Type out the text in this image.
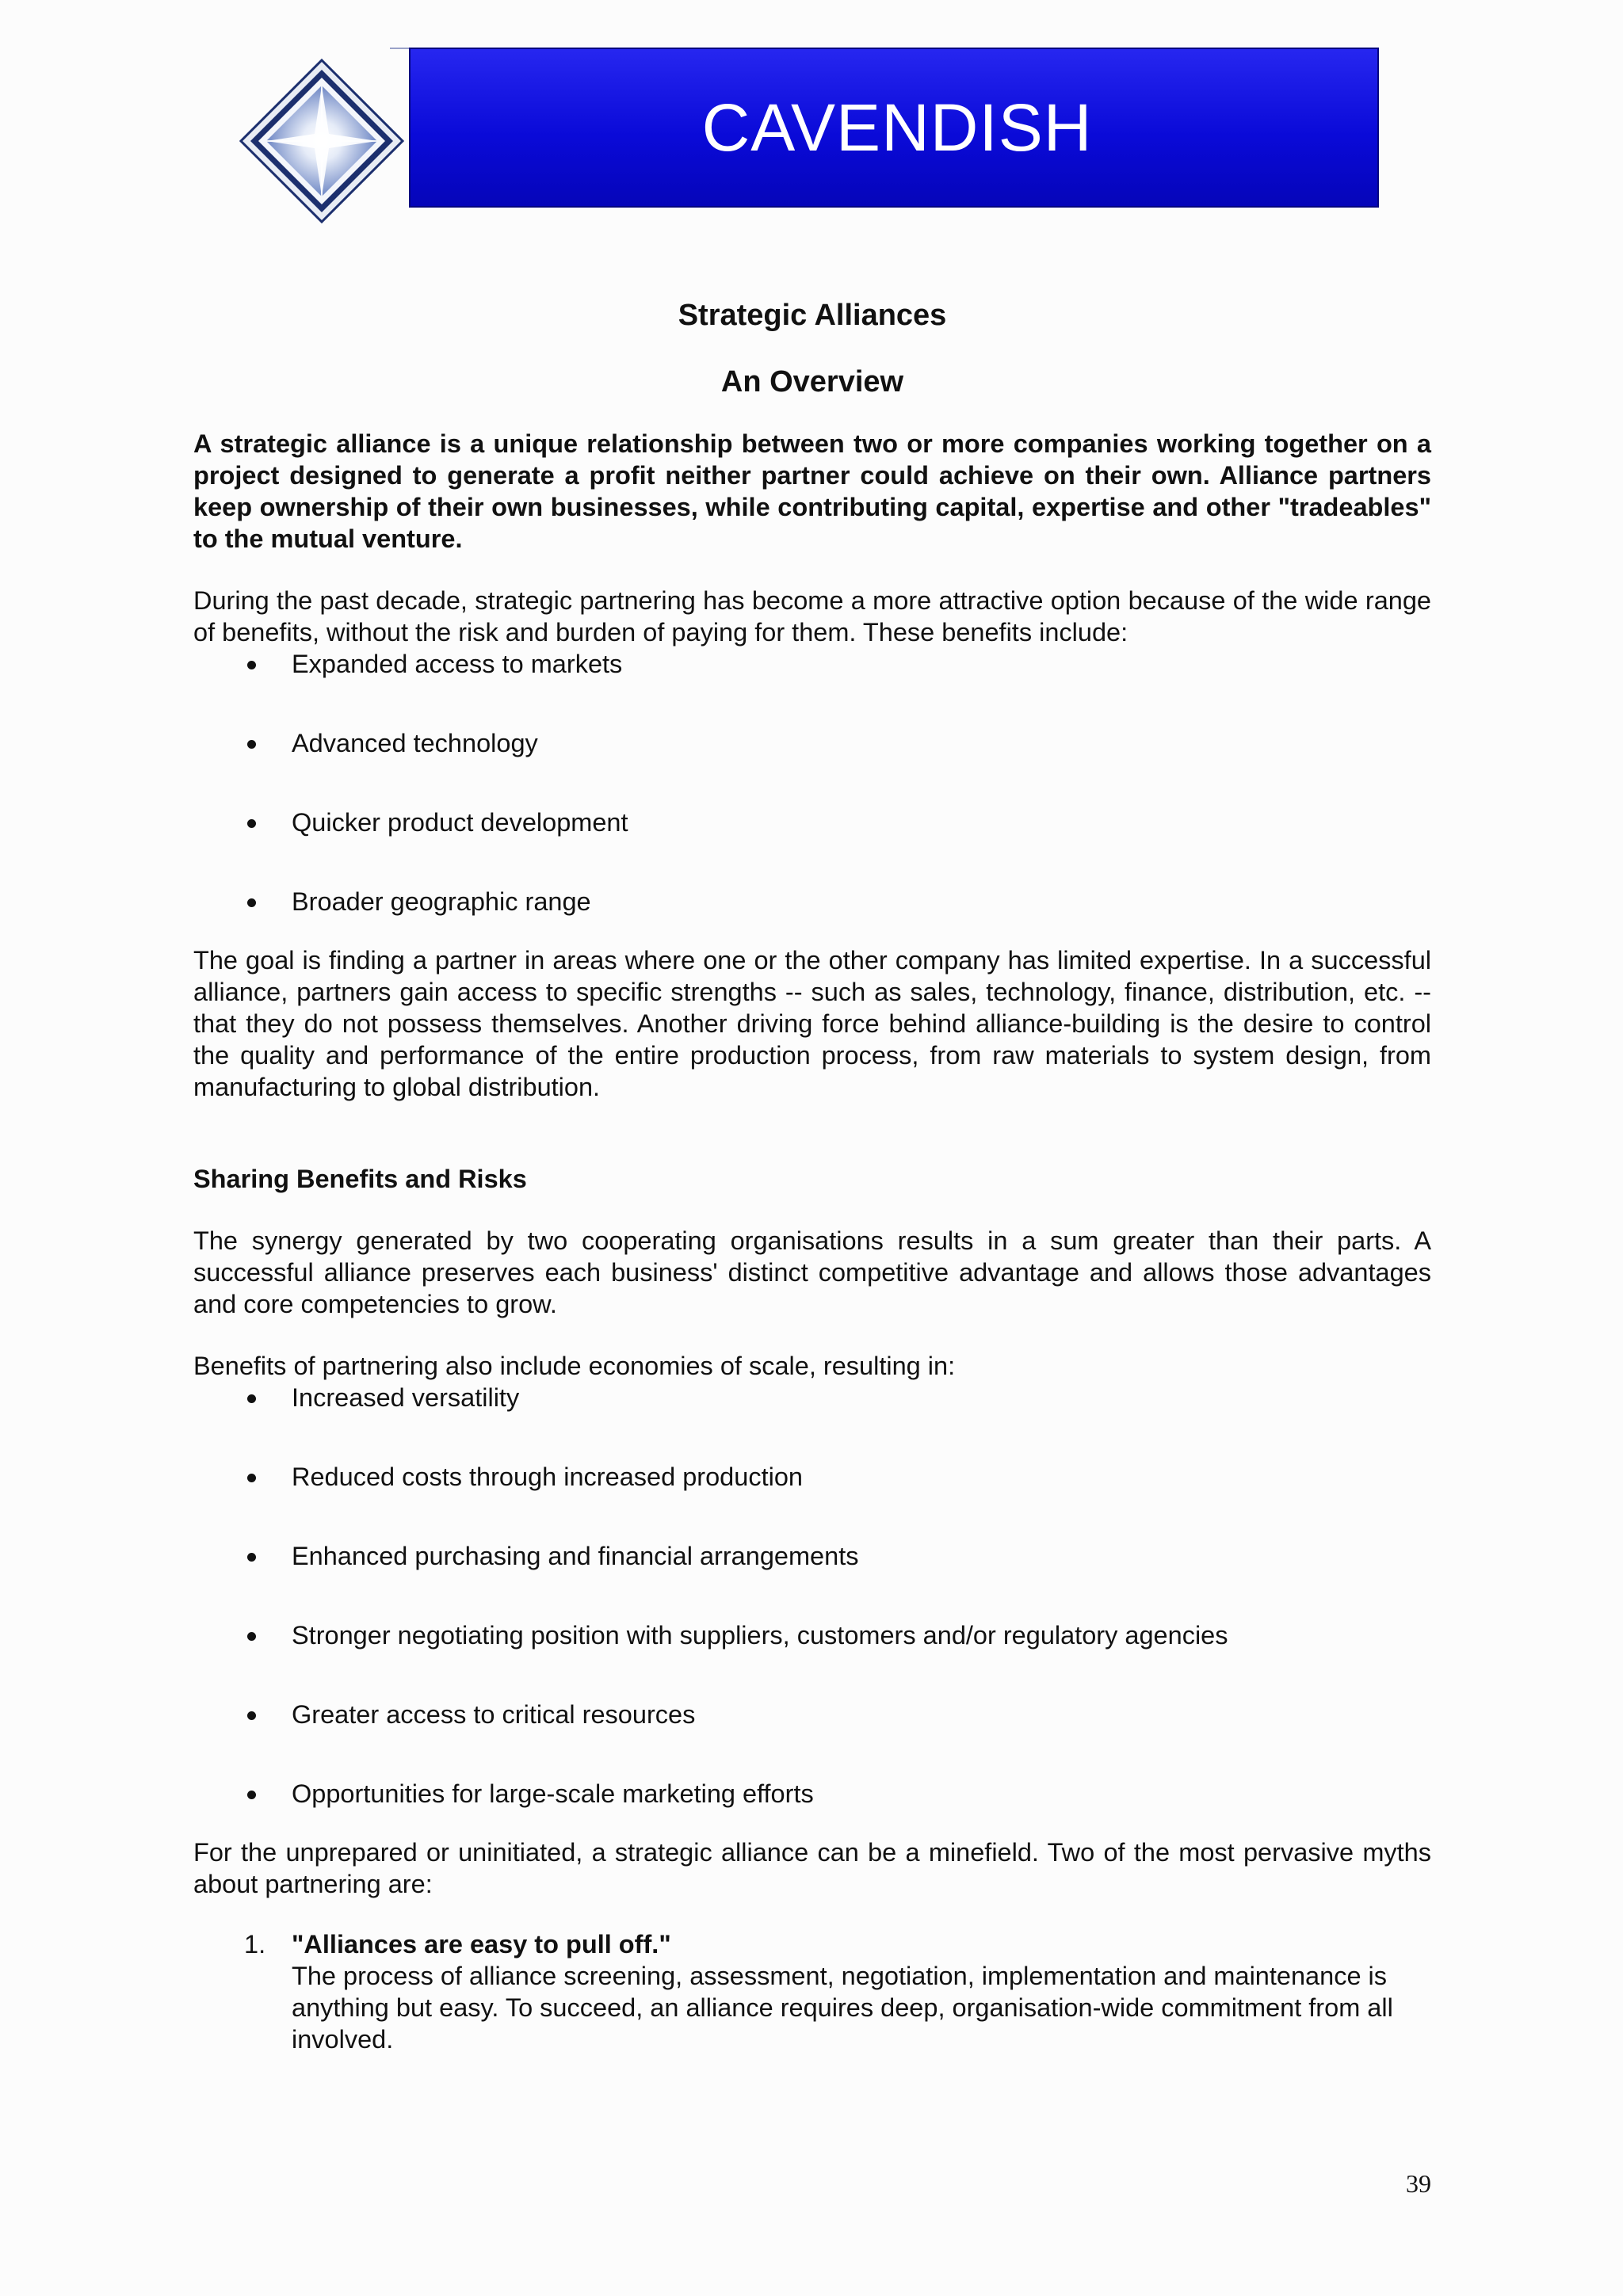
CAVENDISH
Strategic Alliances
An Overview

A strategic alliance is a unique relationship between two or more companies working together on a project designed to generate a profit neither partner could achieve on their own. Alliance partners keep ownership of their own businesses, while contributing capital, expertise and other "tradeables" to the mutual venture.

During the past decade, strategic partnering has become a more attractive option because of the wide range of benefits, without the risk and burden of paying for them. These benefits include:

Expanded access to markets
Advanced technology
Quicker product development
Broader geographic range

The goal is finding a partner in areas where one or the other company has limited expertise. In a successful alliance, partners gain access to specific strengths -- such as sales, technology, finance, distribution, etc. -- that they do not possess themselves. Another driving force behind alliance-building is the desire to control the quality and performance of the entire production process, from raw materials to system design, from manufacturing to global distribution.

Sharing Benefits and Risks

The synergy generated by two cooperating organisations results in a sum greater than their parts. A successful alliance preserves each business' distinct competitive advantage and allows those advantages and core competencies to grow.

Benefits of partnering also include economies of scale, resulting in:

Increased versatility
Reduced costs through increased production
Enhanced purchasing and financial arrangements
Stronger negotiating position with suppliers, customers and/or regulatory agencies
Greater access to critical resources
Opportunities for large-scale marketing efforts

For the unprepared or uninitiated, a strategic alliance can be a minefield. Two of the most pervasive myths about partnering are:

1. "Alliances are easy to pull off."
The process of alliance screening, assessment, negotiation, implementation and maintenance is anything but easy. To succeed, an alliance requires deep, organisation-wide commitment from all involved.
39
